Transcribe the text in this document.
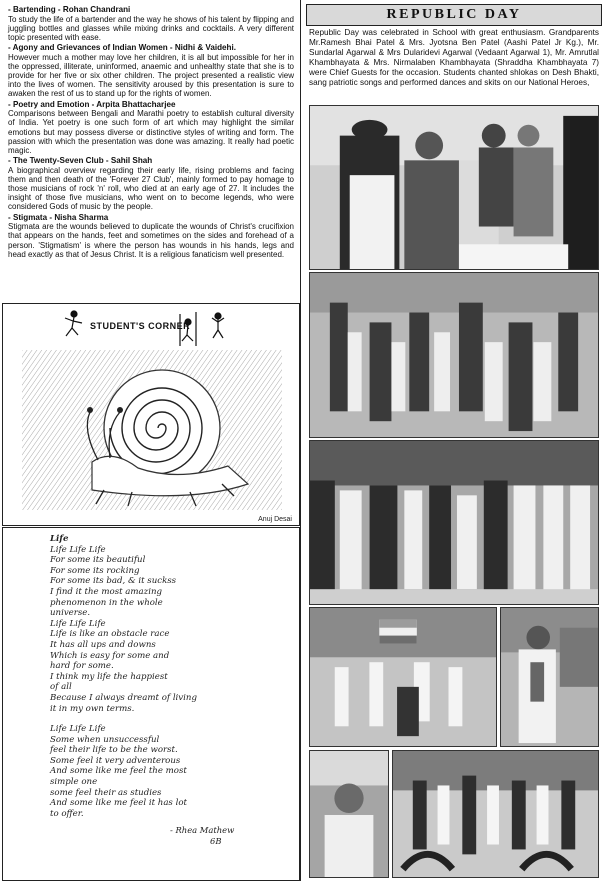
- Bartending - Rohan Chandrani
To study the life of a bartender and the way he shows of his talent by flipping and juggling bottles and glasses while mixing drinks and cocktails. A very different topic presented with ease.
- Agony and Grievances of Indian Women - Nidhi & Vaidehi.
However much a mother may love her children, it is all but impossible for her in the oppressed, illiterate, uninformed, anaemic and unhealthy state that she is to provide for her five or six other children. The project presented a realistic view into the lives of women. The sensitivity aroused by this presentation is sure to awaken the rest of us to stand up for the rights of women.
- Poetry and Emotion - Arpita Bhattacharjee
Comparisons between Bengali and Marathi poetry to establish cultural diversity of India. Yet poetry is one such form of art which may highlight the similar emotions but may possess diverse or distinctive styles of writing and form. The passion with which the presentation was done was amazing. It really had poetic magic.
- The Twenty-Seven Club - Sahil Shah
A biographical overview regarding their early life, rising problems and facing them and then death of the 'Forever 27 Club', mainly formed to pay homage to those musicians of rock 'n' roll, who died at an early age of 27. It includes the insight of those five musicians, who went on to become legends, who were considered Gods of music by the people.
- Stigmata - Nisha Sharma
Stigmata are the wounds believed to duplicate the wounds of Christ's crucifixion that appears on the hands, feet and sometimes on the sides and forehead of a person. 'Stigmatism' is where the person has wounds in his hands, legs and head exactly as that of Jesus Christ. It is a religious fanaticism well presented.
STUDENT'S CORNER
Anuj Desai
Life
Life Life Life
For some its beautiful
For some its rocking
For some its bad, & it suckss
I find it the most amazing
phenomenon in the whole
universe.
Life Life Life
Life is like an obstacle race
It has all ups and downs
Which is easy for some and
hard for some.
I think my life the happiest
of all
Because I always dreamt of living
it in my own terms.
Life Life Life
Some when unsuccessful
feel their life to be the worst.
Some feel it very adventerous
And some like me feel the most
simple one
some feel their as studies
And some like me feel it has lot
to offer.
- Rhea Mathew
6B
REPUBLIC DAY
Republic Day was celebrated in School with great enthusiasm. Grandparents Mr.Ramesh Bhai Patel & Mrs. Jyotsna Ben Patel (Aashi Patel Jr Kg.), Mr. Sundarlal Agarwal & Mrs Dularidevi Agarwal (Vedaant Agarwal 1), Mr. Amrutlal Khambhayata & Mrs. Nirmalaben Khambhayata (Shraddha Khambhayata 7) were Chief Guests for the occasion. Students chanted shlokas on Desh Bhakti, sang patriotic songs and performed dances and skits on our National Heroes,
